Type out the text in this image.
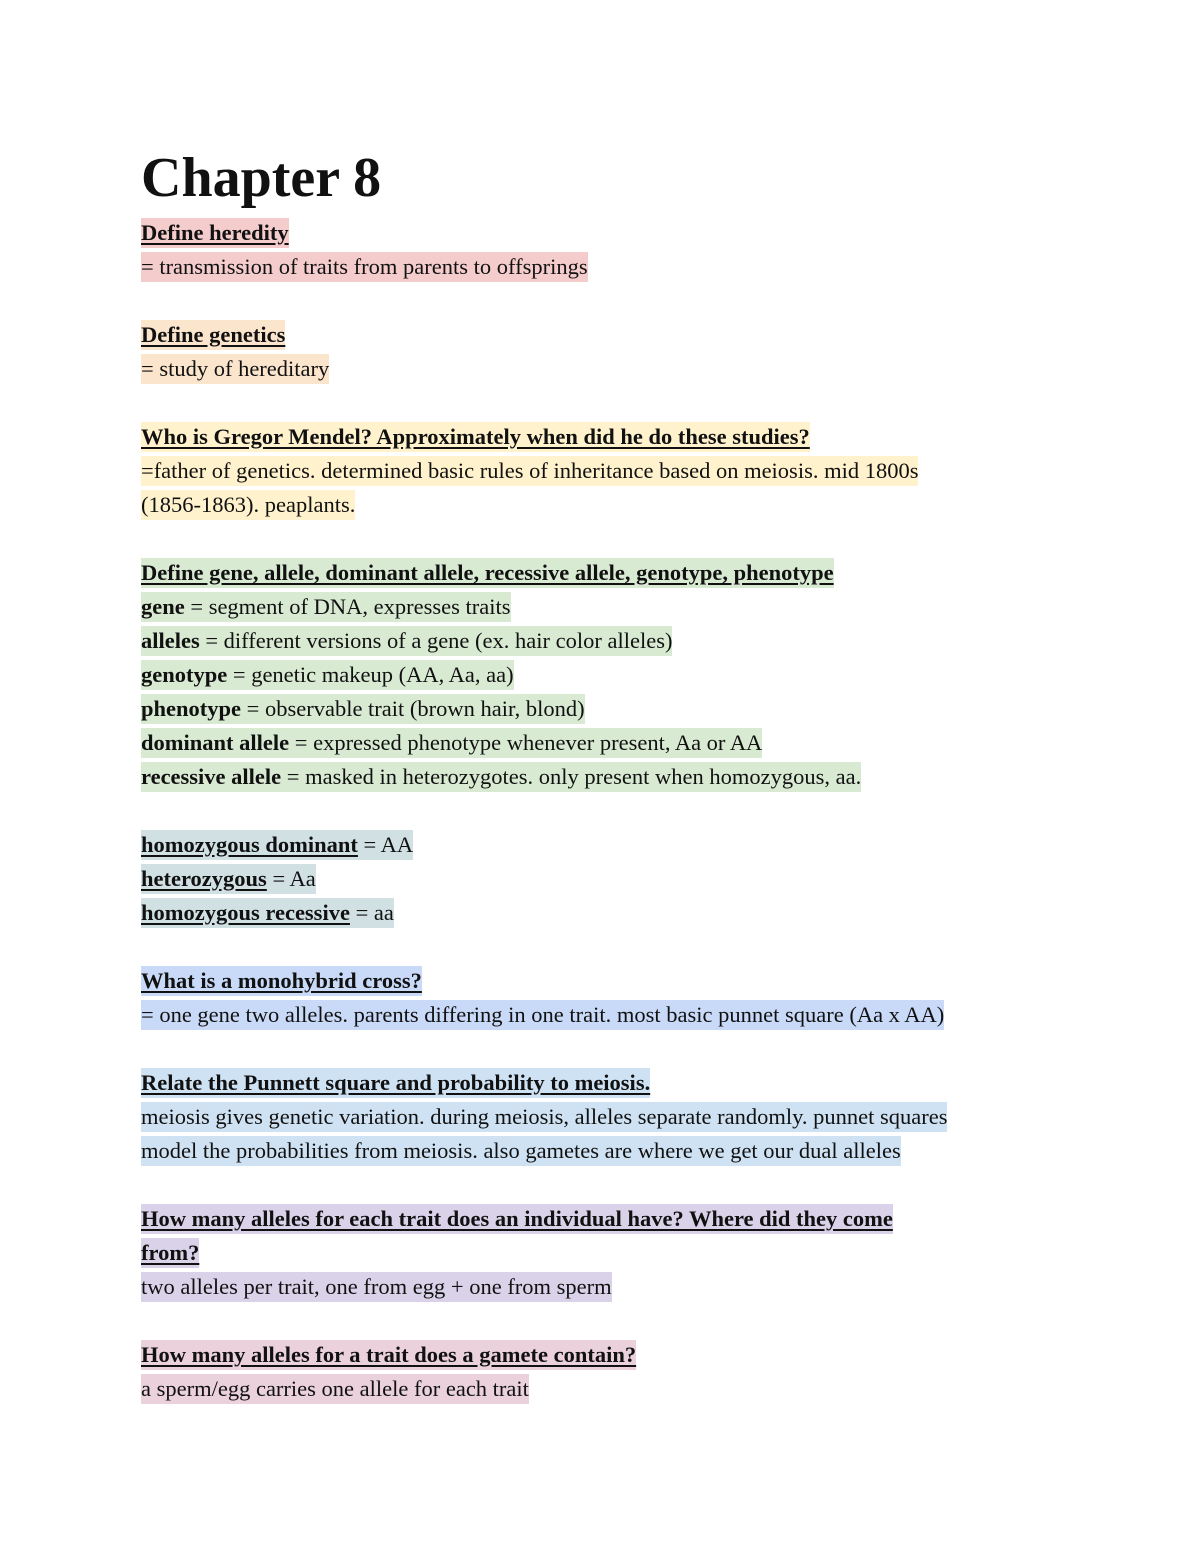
Chapter 8
Define heredity
= transmission of traits from parents to offsprings
Define genetics
= study of hereditary
Who is Gregor Mendel? Approximately when did he do these studies?
=father of genetics. determined basic rules of inheritance based on meiosis. mid 1800s
(1856-1863). peaplants.
Define gene, allele, dominant allele, recessive allele, genotype, phenotype
gene = segment of DNA, expresses traits
alleles = different versions of a gene (ex. hair color alleles)
genotype = genetic makeup (AA, Aa, aa)
phenotype = observable trait (brown hair, blond)
dominant allele = expressed phenotype whenever present, Aa or AA
recessive allele = masked in heterozygotes. only present when homozygous, aa.
homozygous dominant = AA
heterozygous = Aa
homozygous recessive = aa
What is a monohybrid cross?
= one gene two alleles. parents differing in one trait. most basic punnet square (Aa x AA)
Relate the Punnett square and probability to meiosis.
meiosis gives genetic variation. during meiosis, alleles separate randomly. punnet squares
model the probabilities from meiosis. also gametes are where we get our dual alleles
How many alleles for each trait does an individual have? Where did they come
from?
two alleles per trait, one from egg + one from sperm
How many alleles for a trait does a gamete contain?
a sperm/egg carries one allele for each trait
